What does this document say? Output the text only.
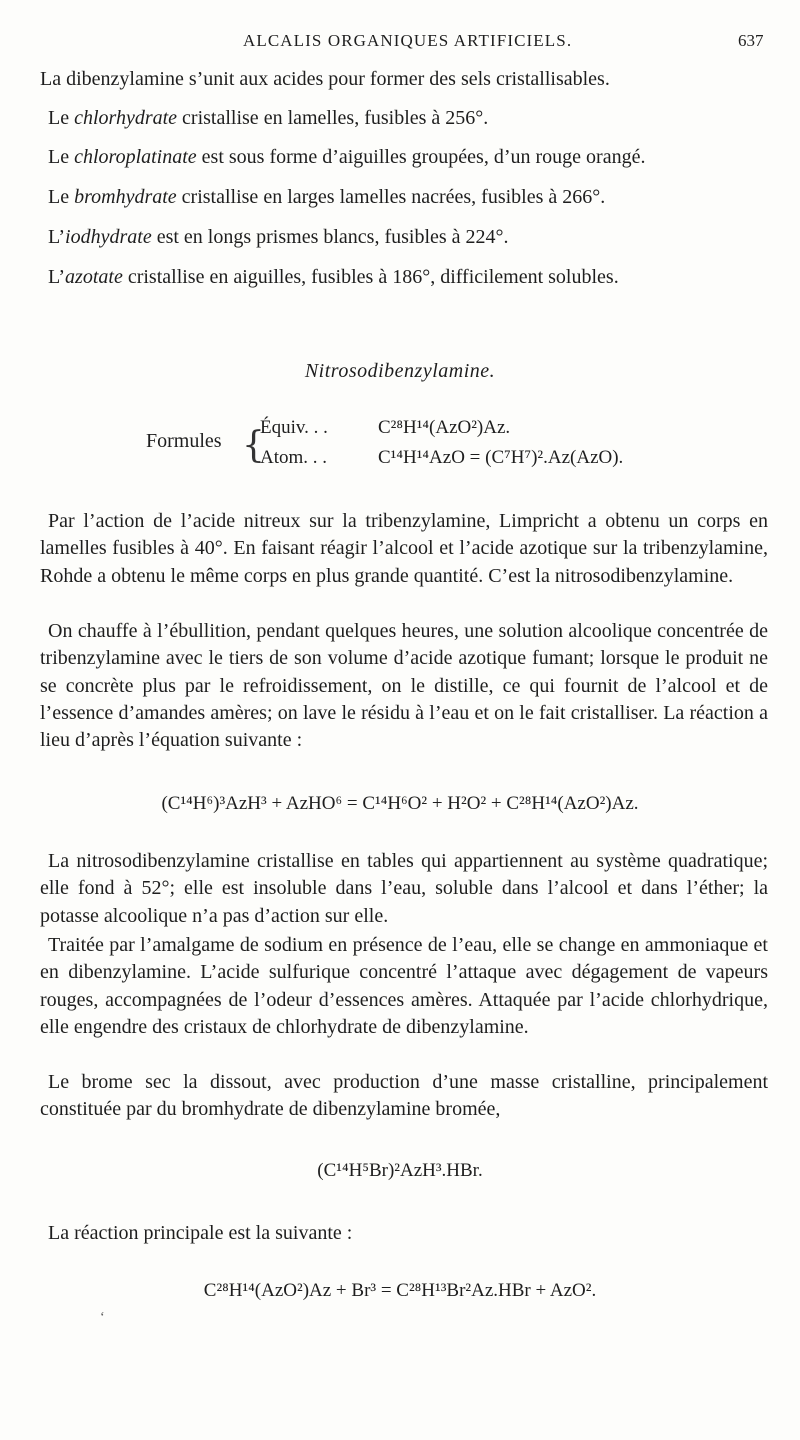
ALCALIS ORGANIQUES ARTIFICIELS.	637
La dibenzylamine s’unit aux acides pour former des sels cristallisables.
Le chlorhydrate cristallise en lamelles, fusibles à 256°.
Le chloroplatinate est sous forme d’aiguilles groupées, d’un rouge orangé.
Le bromhydrate cristallise en larges lamelles nacrées, fusibles à 266°.
L’iodhydrate est en longs prismes blancs, fusibles à 224°.
L’azotate cristallise en aiguilles, fusibles à 186°, difficilement solubles.
Nitrosodibenzylamine.
Formules {
Équiv. . .	C²⁸H¹⁴(AzO²)Az.
Atom. . .	C¹⁴H¹⁴AzO = (C⁷H⁷)².Az(AzO).
Par l’action de l’acide nitreux sur la tribenzylamine, Limpricht a obtenu un corps en lamelles fusibles à 40°. En faisant réagir l’alcool et l’acide azotique sur la tribenzylamine, Rohde a obtenu le même corps en plus grande quantité. C’est la nitrosodibenzylamine.
On chauffe à l’ébullition, pendant quelques heures, une solution alcoolique concentrée de tribenzylamine avec le tiers de son volume d’acide azotique fumant; lorsque le produit ne se concrète plus par le refroidissement, on le distille, ce qui fournit de l’alcool et de l’essence d’amandes amères; on lave le résidu à l’eau et on le fait cristalliser. La réaction a lieu d’après l’équation suivante :
(C¹⁴H⁶)³AzH³ + AzHO⁶ = C¹⁴H⁶O² + H²O² + C²⁸H¹⁴(AzO²)Az.
La nitrosodibenzylamine cristallise en tables qui appartiennent au système quadratique; elle fond à 52°; elle est insoluble dans l’eau, soluble dans l’alcool et dans l’éther; la potasse alcoolique n’a pas d’action sur elle.
Traitée par l’amalgame de sodium en présence de l’eau, elle se change en ammoniaque et en dibenzylamine. L’acide sulfurique concentré l’attaque avec dégagement de vapeurs rouges, accompagnées de l’odeur d’essences amères. Attaquée par l’acide chlorhydrique, elle engendre des cristaux de chlorhydrate de dibenzylamine.
Le brome sec la dissout, avec production d’une masse cristalline, principalement constituée par du bromhydrate de dibenzylamine bromée,
(C¹⁴H⁵Br)²AzH³.HBr.
La réaction principale est la suivante :
C²⁸H¹⁴(AzO²)Az + Br³ = C²⁸H¹³Br²Az.HBr + AzO².
‘
